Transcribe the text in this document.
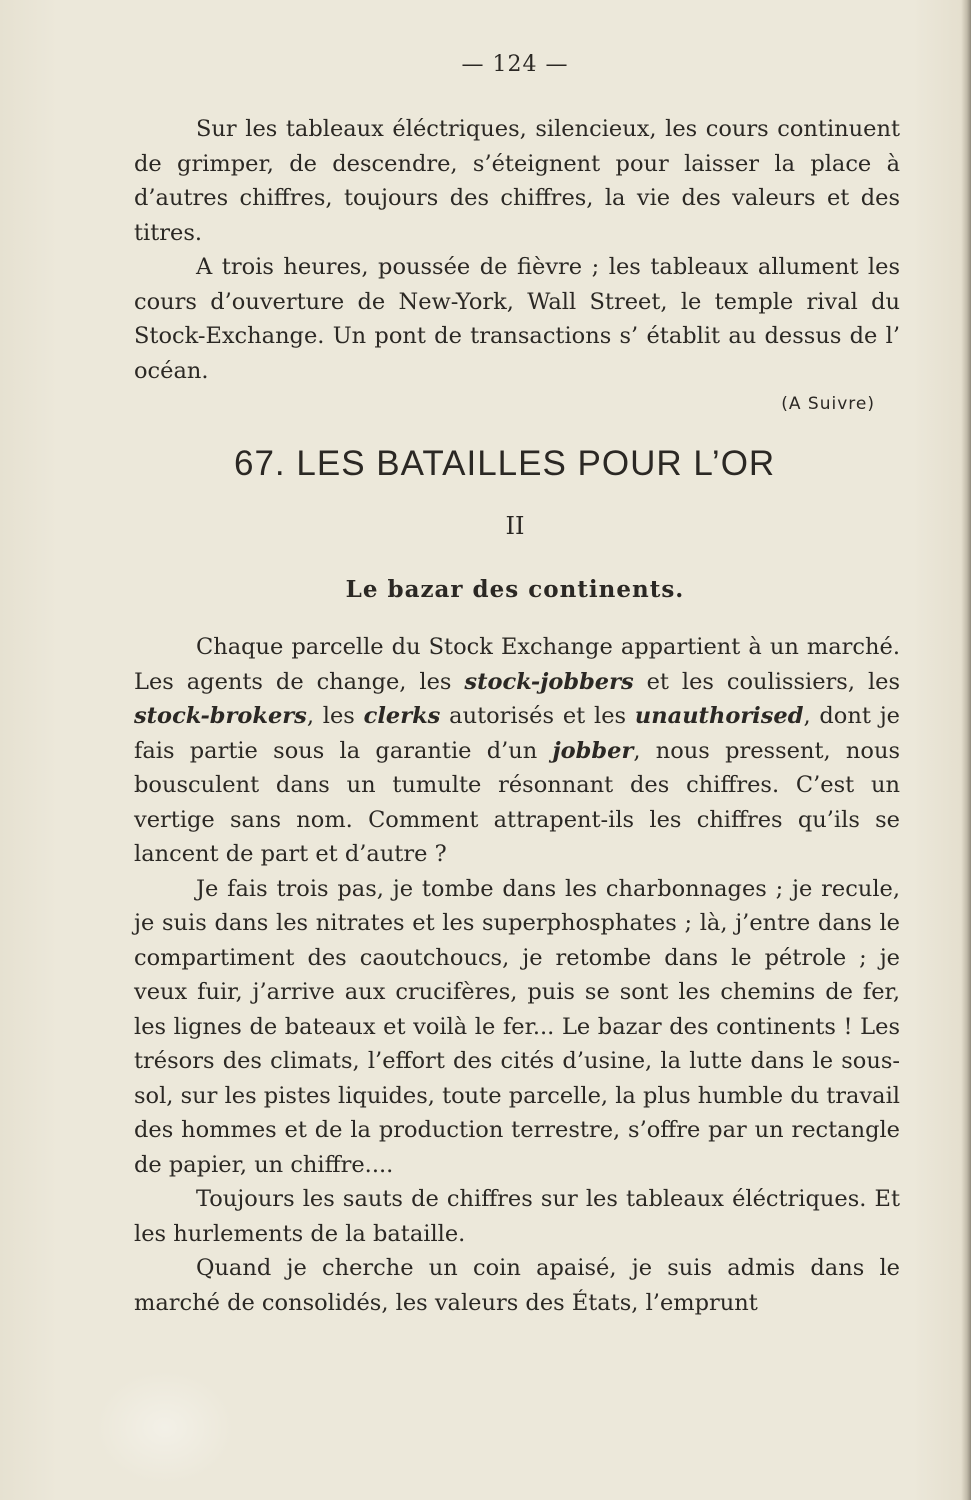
— 124 —

Sur les tableaux éléctriques, silencieux, les cours continuent de grimper, de descendre, s’éteignent pour laisser la place à d’autres chiffres, toujours des chiffres, la vie des valeurs et des titres.

A trois heures, poussée de fièvre ; les tableaux allument les cours d’ouverture de New-York, Wall Street, le temple rival du Stock-Exchange. Un pont de transactions s’ établit au dessus de l’ océan.

(A Suivre)
67. LES BATAILLES POUR L’OR
II
Le bazar des continents.

Chaque parcelle du Stock Exchange appartient à un marché. Les agents de change, les stock-jobbers et les coulissiers, les stock-brokers, les clerks autorisés et les unauthorised, dont je fais partie sous la garantie d’un jobber, nous pressent, nous bousculent dans un tumulte résonnant des chiffres. C’est un vertige sans nom. Comment attrapent-ils les chiffres qu’ils se lancent de part et d’autre ?

Je fais trois pas, je tombe dans les charbonnages ; je recule, je suis dans les nitrates et les superphosphates ; là, j’entre dans le compartiment des caoutchoucs, je retombe dans le pétrole ; je veux fuir, j’arrive aux crucifères, puis se sont les chemins de fer, les lignes de bateaux et voilà le fer... Le bazar des continents ! Les trésors des climats, l’effort des cités d’usine, la lutte dans le sous-sol, sur les pistes liquides, toute parcelle, la plus humble du travail des hommes et de la production terrestre, s’offre par un rectangle de papier, un chiffre....

Toujours les sauts de chiffres sur les tableaux éléctriques. Et les hurlements de la bataille.

Quand je cherche un coin apaisé, je suis admis dans le marché de consolidés, les valeurs des États, l’emprunt
